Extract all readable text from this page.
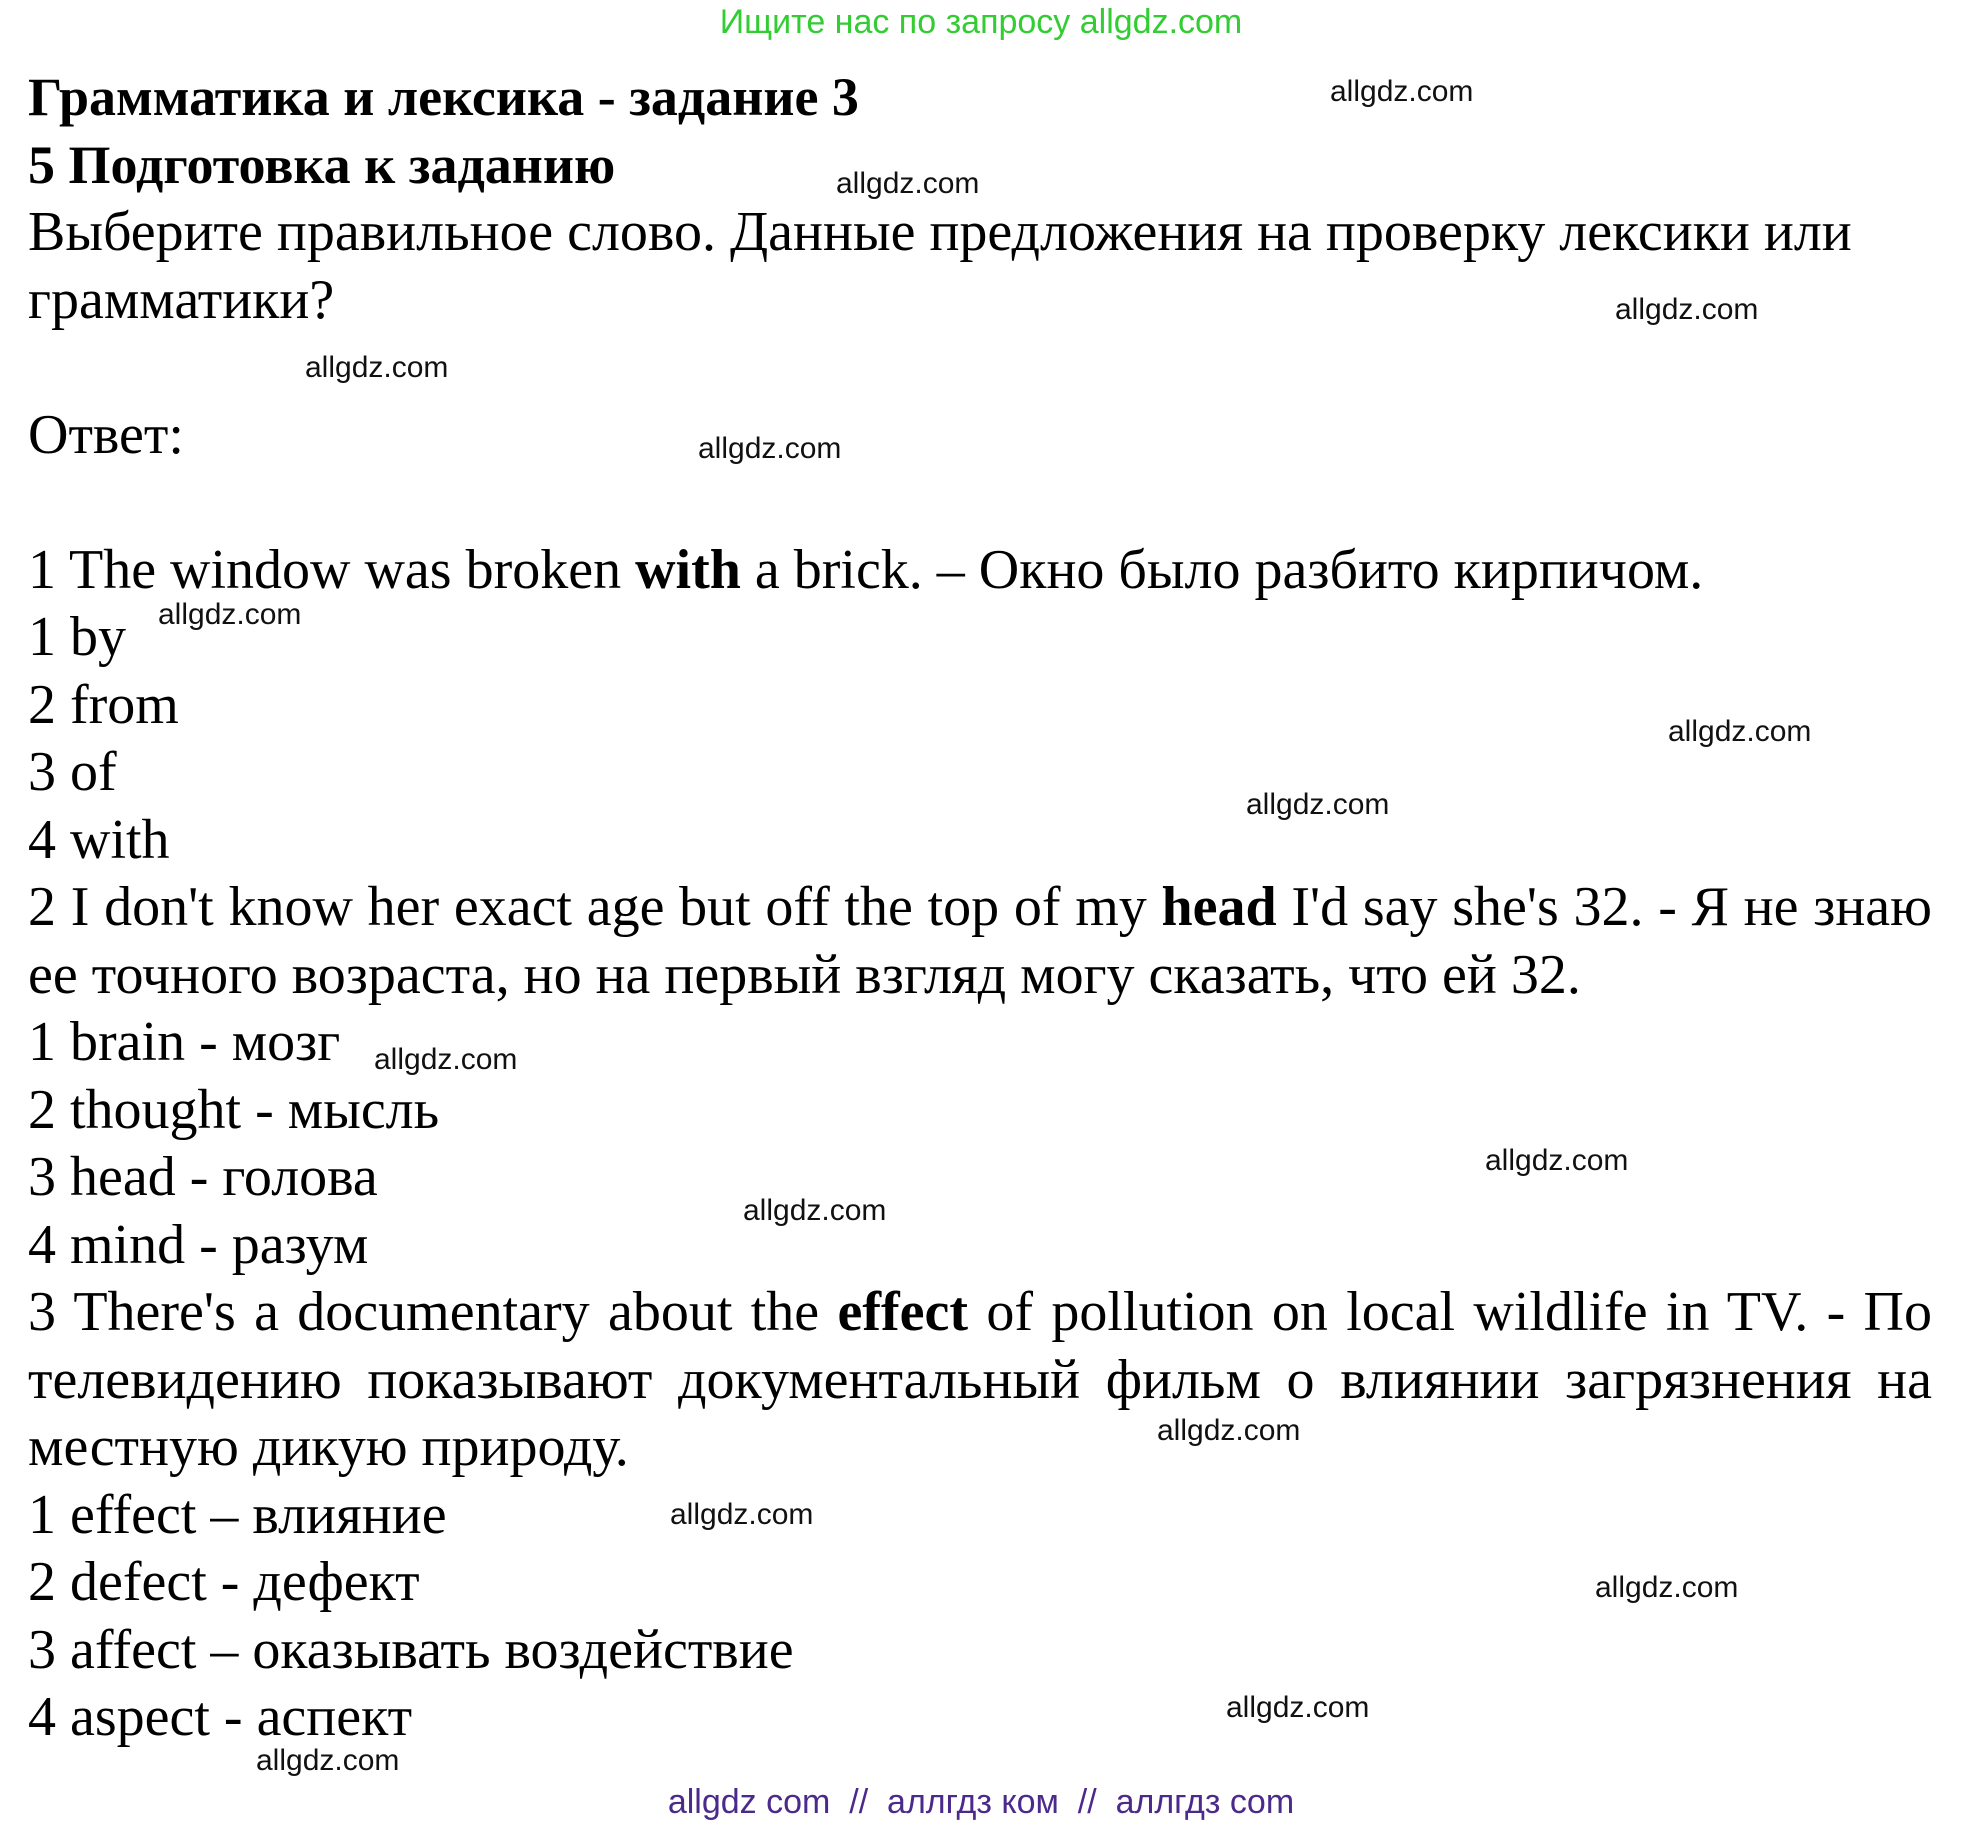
Ищите нас по запросу allgdz.com

Грамматика и лексика - задание 3

5 Подготовка к заданию

Выберите правильное слово. Данные предложения на проверку лексики или грамматики?

Ответ:

1 The window was broken with a brick. – Окно было разбито кирпичом.

1 by

2 from

3 of

4 with

2 I don't know her exact age but off the top of my head I'd say she's 32. - Я не знаю ее точного возраста, но на первый взгляд могу сказать, что ей 32.

1 brain - мозг

2 thought - мысль

3 head - голова

4 mind - разум

3 There's a documentary about the effect of pollution on local wildlife in TV. - По телевидению показывают документальный фильм о влиянии загрязнения на местную дикую природу.

1 effect – влияние

2 defect - дефект

3 affect – оказывать воздействие

4 aspect - аспект

allgdz.com
allgdz.com
allgdz.com
allgdz.com
allgdz.com
allgdz.com
allgdz.com
allgdz.com
allgdz.com
allgdz.com
allgdz.com
allgdz.com
allgdz.com
allgdz.com
allgdz.com
allgdz.com
allgdz com  //  аллгдз ком  //  аллгдз com
